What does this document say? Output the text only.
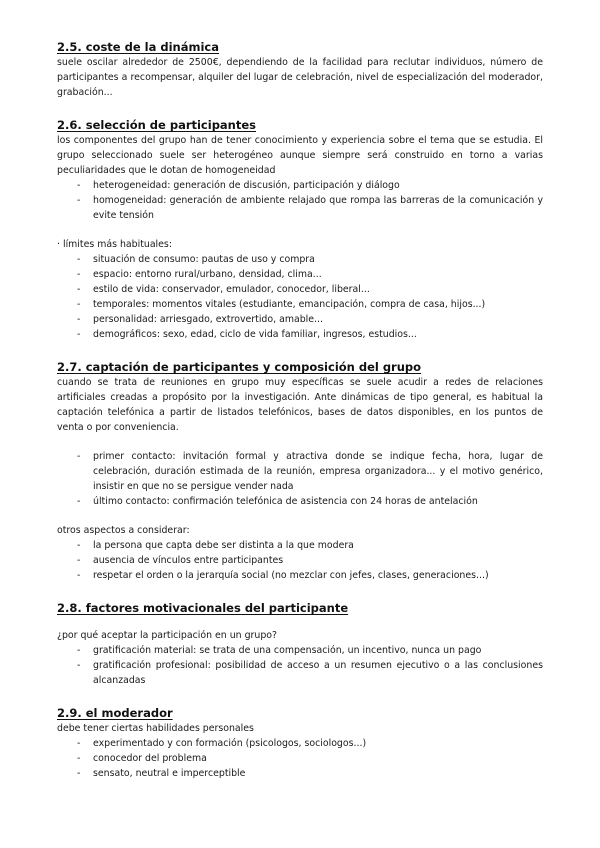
2.5. coste de la dinámica

suele oscilar alrededor de 2500€, dependiendo de la facilidad para reclutar individuos, número de participantes a recompensar, alquiler del lugar de celebración, nivel de especialización del moderador, grabación...

2.6. selección de participantes

los componentes del grupo han de tener conocimiento y experiencia sobre el tema que se estudia. El grupo seleccionado suele ser heterogéneo aunque siempre será construido en torno a varias peculiaridades que le dotan de homogeneidad

- heterogeneidad: generación de discusión, participación y diálogo
- homogeneidad: generación de ambiente relajado que rompa las barreras de la comunicación y evite tensión

· límites más habituales:

- situación de consumo: pautas de uso y compra
- espacio: entorno rural/urbano, densidad, clima...
- estilo de vida: conservador, emulador, conocedor, liberal...
- temporales: momentos vitales (estudiante, emancipación, compra de casa, hijos...)
- personalidad: arriesgado, extrovertido, amable...
- demográficos: sexo, edad, ciclo de vida familiar, ingresos, estudios...
2.7. captación de participantes y composición del grupo

cuando se trata de reuniones en grupo muy específicas se suele acudir a redes de relaciones artificiales creadas a propósito por la investigación. Ante dinámicas de tipo general, es habitual la captación telefónica a partir de listados telefónicos, bases de datos disponibles, en los puntos de venta o por conveniencia.

- primer contacto: invitación formal y atractiva donde se indique fecha, hora, lugar de celebración, duración estimada de la reunión, empresa organizadora... y el motivo genérico, insistir en que no se persigue vender nada
- último contacto: confirmación telefónica de asistencia con 24 horas de antelación

otros aspectos a considerar:

- la persona que capta debe ser distinta a la que modera
- ausencia de vínculos entre participantes
- respetar el orden o la jerarquía social (no mezclar con jefes, clases, generaciones...)
2.8. factores motivacionales del participante

¿por qué aceptar la participación en un grupo?

- gratificación material: se trata de una compensación, un incentivo, nunca un pago
- gratificación profesional: posibilidad de acceso a un resumen ejecutivo o a las conclusiones alcanzadas
2.9. el moderador

debe tener ciertas habilidades personales

- experimentado y con formación (psicologos, sociologos...)
- conocedor del problema
- sensato, neutral e imperceptible
